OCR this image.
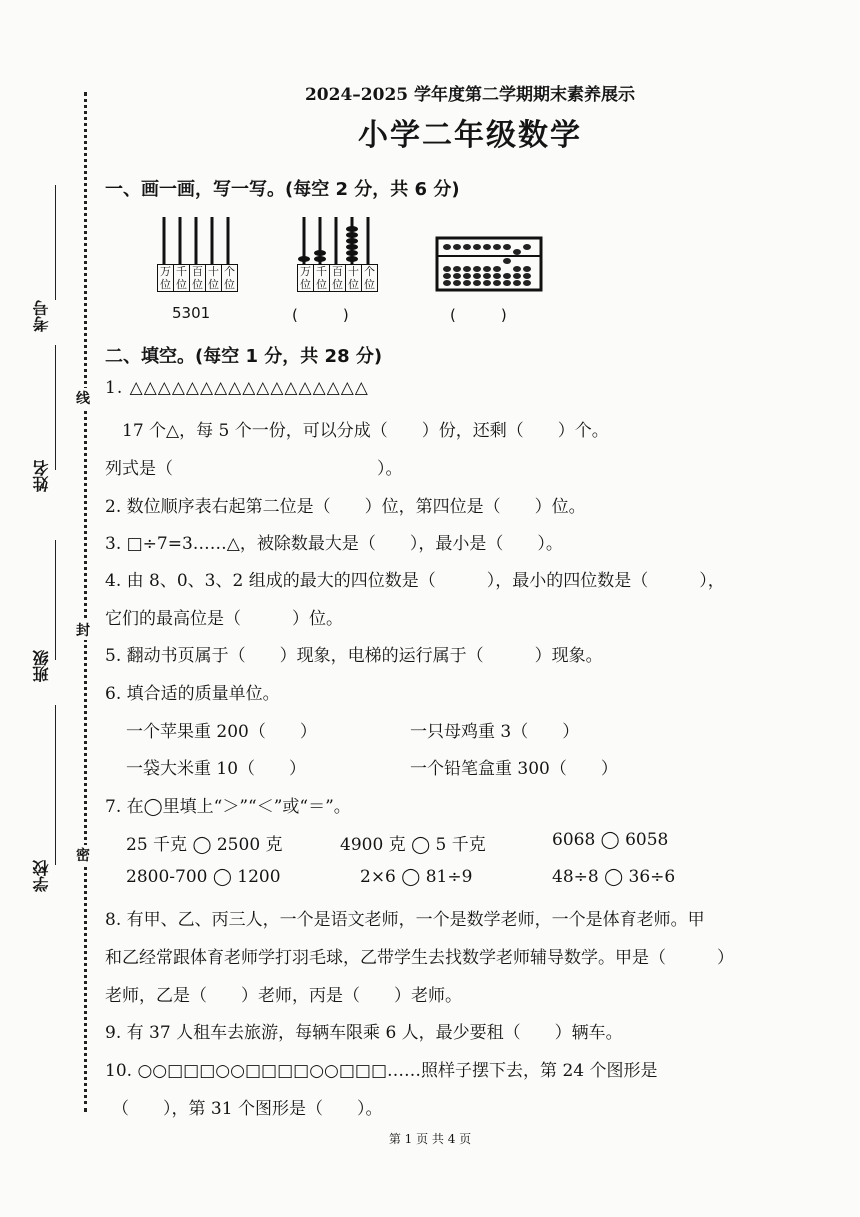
考号
姓名
班级
学校
线
封
密
2024–2025 学年度第二学期期末素养展示
小学二年级数学
一、画一画，写一写。(每空 2 分，共 6 分)
万位
千位
百位
十位
个位
5301
万位
千位
百位
十位
个位
(　　　)	(　　　)
二、填空。(每空 1 分，共 28 分)
1. △△△△△△△△△△△△△△△△△
17 个△，每 5 个一份，可以分成（　　）份，还剩（　　）个。
列式是（　　　　　　　　　　　　）。
2. 数位顺序表右起第二位是（　　）位，第四位是（　　）位。
3. □÷7=3……△，被除数最大是（　　），最小是（　　）。
4. 由 8、0、3、2 组成的最大的四位数是（　　　），最小的四位数是（　　　），
它们的最高位是（　　　）位。
5. 翻动书页属于（　　）现象，电梯的运行属于（　　　）现象。
6. 填合适的质量单位。
一个苹果重 200（　　）	一只母鸡重 3（　　）
一袋大米重 10（　　）	一个铅笔盒重 300（　　）
7. 在◯里填上“＞”“＜”或“＝”。
25 千克 ◯ 2500 克	4900 克 ◯ 5 千克	6068 ◯ 6058
2800-700 ◯ 1200	2×6 ◯ 81÷9	48÷8 ◯ 36÷6
8. 有甲、乙、丙三人，一个是语文老师，一个是数学老师，一个是体育老师。甲
和乙经常跟体育老师学打羽毛球，乙带学生去找数学老师辅导数学。甲是（　　　）
老师，乙是（　　）老师，丙是（　　）老师。
9. 有 37 人租车去旅游，每辆车限乘 6 人，最少要租（　　）辆车。
10. ○○□□□○○□□□□○○□□□……照样子摆下去，第 24 个图形是
（　　），第 31 个图形是（　　）。
第 1 页 共 4 页
